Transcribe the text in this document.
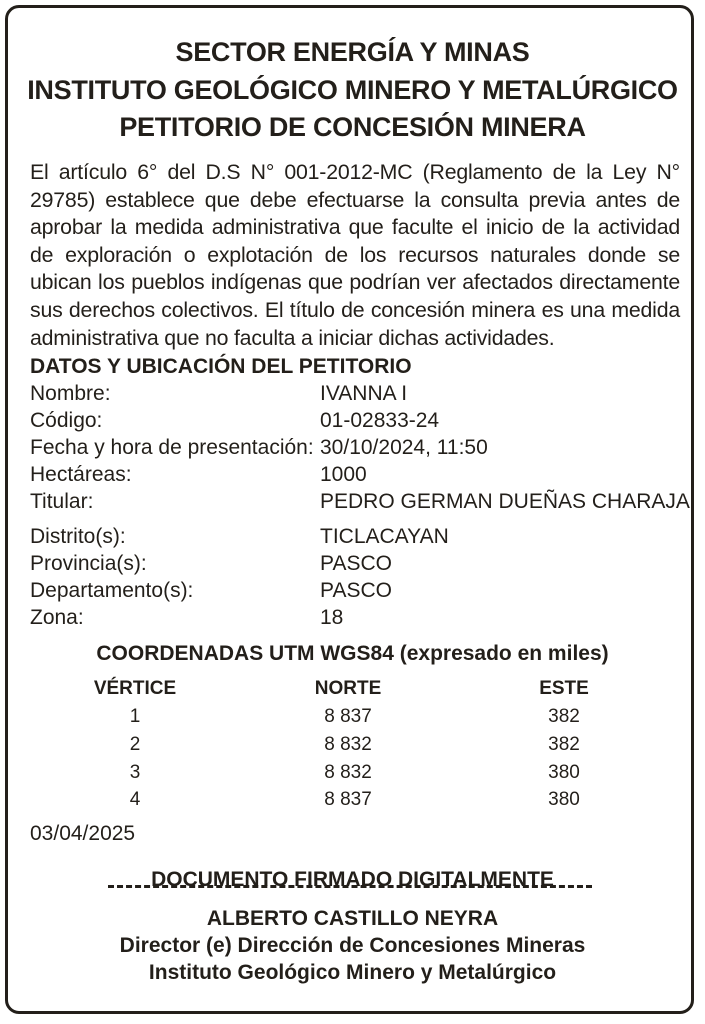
SECTOR ENERGÍA Y MINAS
INSTITUTO GEOLÓGICO MINERO Y METALÚRGICO
PETITORIO DE CONCESIÓN MINERA

El artículo 6° del D.S N° 001-2012-MC (Reglamento de la Ley N° 29785) establece que debe efectuarse la consulta previa antes de aprobar la medida administrativa que faculte el inicio de la actividad de exploración o explotación de los recursos naturales donde se ubican los pueblos indígenas que podrían ver afectados directamente sus derechos colectivos. El título de concesión minera es una medida administrativa que no faculta a iniciar dichas actividades.

DATOS Y UBICACIÓN DEL PETITORIO
Nombre:	IVANNA I
Código:	01-02833-24
Fecha y hora de presentación: 30/10/2024, 11:50
Hectáreas:	1000
Titular:	PEDRO GERMAN DUEÑAS CHARAJA
Distrito(s):	TICLACAYAN
Provincia(s):	PASCO
Departamento(s):	PASCO
Zona:	18
COORDENADAS UTM WGS84 (expresado en miles)
VÉRTICE	NORTE	ESTE
1	8 837	382
2	8 832	382
3	8 832	380
4	8 837	380
03/04/2025
DOCUMENTO FIRMADO DIGITALMENTE
ALBERTO CASTILLO NEYRA
Director (e) Dirección de Concesiones Mineras
Instituto Geológico Minero y Metalúrgico
